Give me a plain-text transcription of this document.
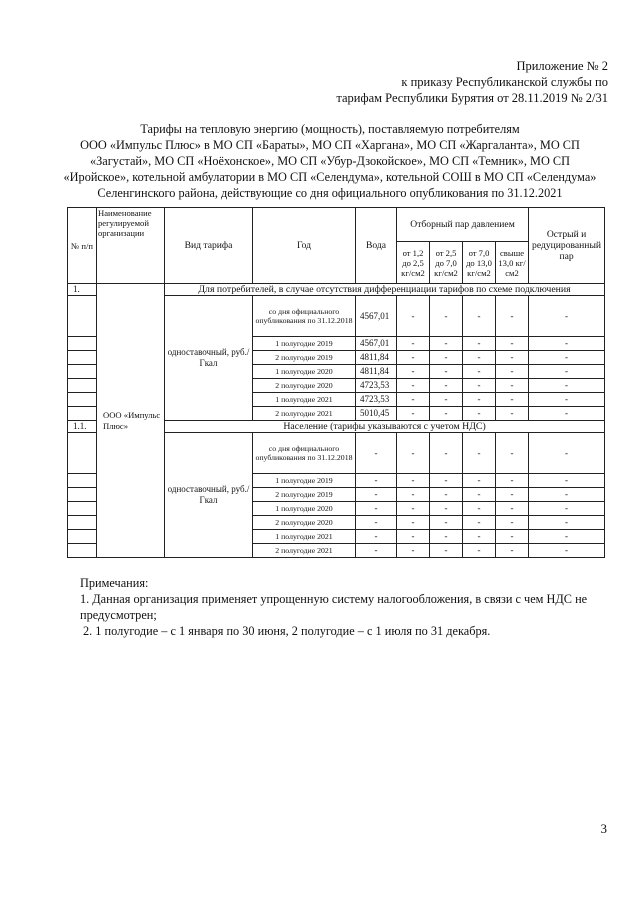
Приложение № 2
к приказу Республиканской службы по
тарифам Республики Бурятия от 28.11.2019 № 2/31
Тарифы на тепловую энергию (мощность), поставляемую потребителям
ООО «Импульс Плюс» в МО СП «Бараты», МО СП «Харгана», МО СП «Жаргаланта», МО СП
«Загустай», МО СП «Ноёхонское», МО СП «Убур-Дзокойское», МО СП «Темник», МО СП
«Иройское», котельной амбулатории в МО СП «Селендума», котельной СОШ в МО СП «Селендума»
Селенгинского района, действующие со дня официального опубликования по 31.12.2021
№ п/п	Наименование регулируемой организации	Вид тарифа	Год	Вода	Отборный пар давлением				Острый и редуцированный пар
					от 1,2 до 2,5 кг/см2	от 2,5 до 7,0 кг/см2	от 7,0 до 13,0 кг/см2	свыше 13,0 кг/см2	
1.	ООО «Импульс Плюс»	Для потребителей, в случае отсутствия дифференциации тарифов по схеме подключения							
		одноставочный, руб./Гкал	со дня официального опубликования по 31.12.2018	4567,01	-	-	-	-	-
			1 полугодие 2019	4567,01	-	-	-	-	-
			2 полугодие 2019	4811,84	-	-	-	-	-
			1 полугодие 2020	4811,84	-	-	-	-	-
			2 полугодие 2020	4723,53	-	-	-	-	-
			1 полугодие 2021	4723,53	-	-	-	-	-
			2 полугодие 2021	5010,45	-	-	-	-	-
1.1.		Население (тарифы указываются с учетом НДС)							
		одноставочный, руб./Гкал	со дня официального опубликования по 31.12.2018	-	-	-	-	-	-
			1 полугодие 2019	-	-	-	-	-	-
			2 полугодие 2019	-	-	-	-	-	-
			1 полугодие 2020	-	-	-	-	-	-
			2 полугодие 2020	-	-	-	-	-	-
			1 полугодие 2021	-	-	-	-	-	-
			2 полугодие 2021	-	-	-	-	-	-
Примечания:
1. Данная организация применяет упрощенную систему налогообложения, в связи с чем НДС не предусмотрен;
2. 1 полугодие – с 1 января по 30 июня, 2 полугодие – с 1 июля по 31 декабря.
3
